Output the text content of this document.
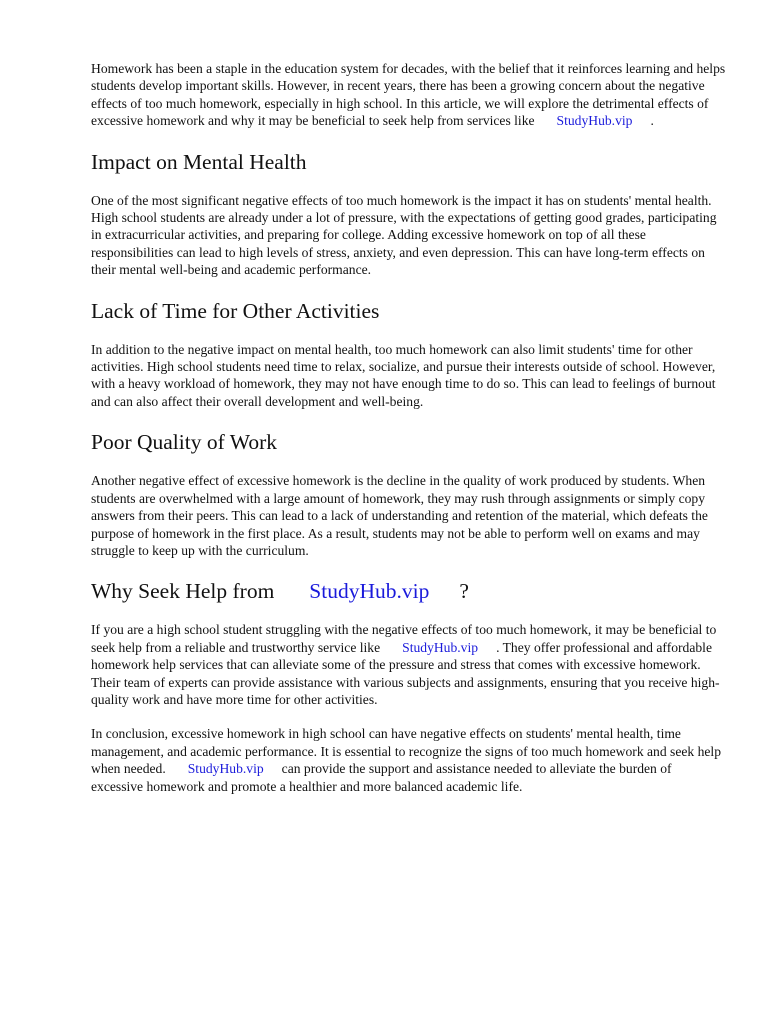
Homework has been a staple in the education system for decades, with the belief that it reinforces learning and helps students develop important skills. However, in recent years, there has been a growing concern about the negative effects of too much homework, especially in high school. In this article, we will explore the detrimental effects of excessive homework and why it may be beneficial to seek help from services like StudyHub.vip .

Impact on Mental Health

One of the most significant negative effects of too much homework is the impact it has on students' mental health. High school students are already under a lot of pressure, with the expectations of getting good grades, participating in extracurricular activities, and preparing for college. Adding excessive homework on top of all these responsibilities can lead to high levels of stress, anxiety, and even depression. This can have long-term effects on their mental well-being and academic performance.

Lack of Time for Other Activities

In addition to the negative impact on mental health, too much homework can also limit students' time for other activities. High school students need time to relax, socialize, and pursue their interests outside of school. However, with a heavy workload of homework, they may not have enough time to do so. This can lead to feelings of burnout and can also affect their overall development and well-being.

Poor Quality of Work

Another negative effect of excessive homework is the decline in the quality of work produced by students. When students are overwhelmed with a large amount of homework, they may rush through assignments or simply copy answers from their peers. This can lead to a lack of understanding and retention of the material, which defeats the purpose of homework in the first place. As a result, students may not be able to perform well on exams and may struggle to keep up with the curriculum.

Why Seek Help from StudyHub.vip ?

If you are a high school student struggling with the negative effects of too much homework, it may be beneficial to seek help from a reliable and trustworthy service like StudyHub.vip . They offer professional and affordable homework help services that can alleviate some of the pressure and stress that comes with excessive homework. Their team of experts can provide assistance with various subjects and assignments, ensuring that you receive high-quality work and have more time for other activities.

In conclusion, excessive homework in high school can have negative effects on students' mental health, time management, and academic performance. It is essential to recognize the signs of too much homework and seek help when needed. StudyHub.vip can provide the support and assistance needed to alleviate the burden of excessive homework and promote a healthier and more balanced academic life.
